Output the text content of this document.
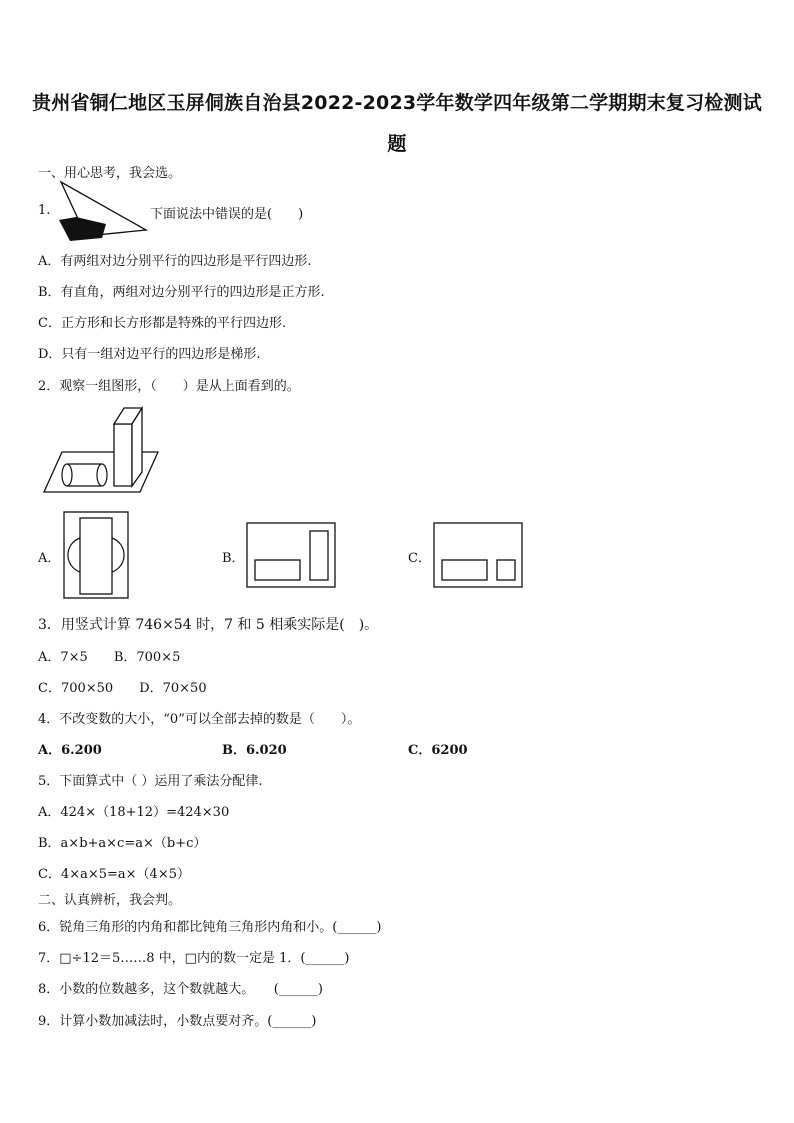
贵州省铜仁地区玉屏侗族自治县2022-2023学年数学四年级第二学期期末复习检测试
题
一、用心思考，我会选。
1.	下面说法中错误的是(　　)
A．有两组对边分别平行的四边形是平行四边形.
B．有直角，两组对边分别平行的四边形是正方形.
C．正方形和长方形都是特殊的平行四边形.
D．只有一组对边平行的四边形是梯形.
2．观察一组图形，（　　）是从上面看到的。
A．	B．	C．
3．用竖式计算 746×54 时，7 和 5 相乘实际是(　)。
A．7×5　　B．700×5
C．700×50　　D．70×50
4．不改变数的大小，“0”可以全部去掉的数是（　　）。
A．6.200	B．6.020	C．6200
5．下面算式中（ ）运用了乘法分配律.
A．424×（18+12）=424×30
B．a×b+a×c=a×（b+c）
C．4×a×5=a×（4×5）
二、认真辨析，我会判。
6．锐角三角形的内角和都比钝角三角形内角和小。(______)
7．□÷12＝5……8 中，□内的数一定是 1．(______)
8．小数的位数越多，这个数就越大。　　(______)
9．计算小数加减法时，小数点要对齐。(______)
